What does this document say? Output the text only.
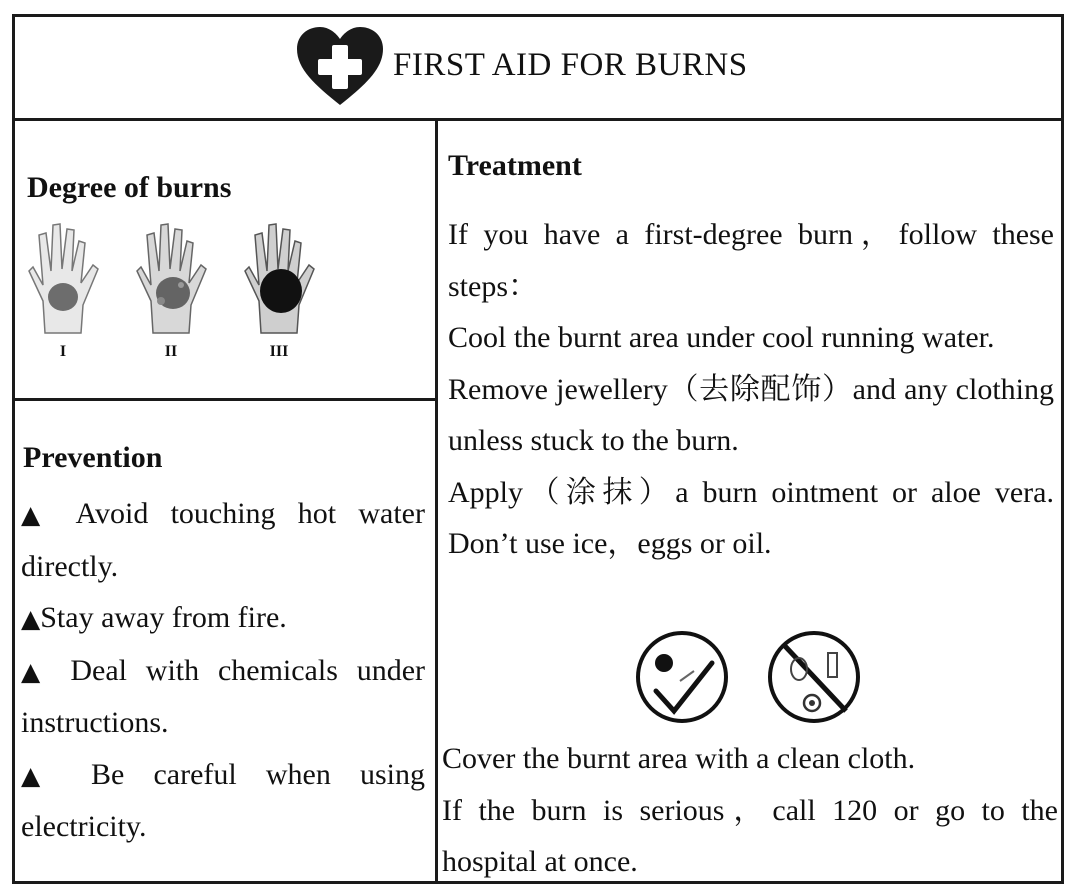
FIRST AID FOR BURNS
Degree of burns
I	II	III
Prevention
▲ Avoid touching hot water directly.
▲Stay away from fire.
▲ Deal with chemicals under instructions.
▲ Be careful when using electricity.
Treatment

If you have a first-degree burn，follow these steps：

Cool the burnt area under cool running water.

Remove jewellery（去除配饰）and any clothing unless stuck to the burn.

Apply（涂抹）a burn ointment or aloe vera. Don’t use ice，eggs or oil.

Cover the burnt area with a clean cloth.

If the burn is serious，call 120 or go to the hospital at once.
